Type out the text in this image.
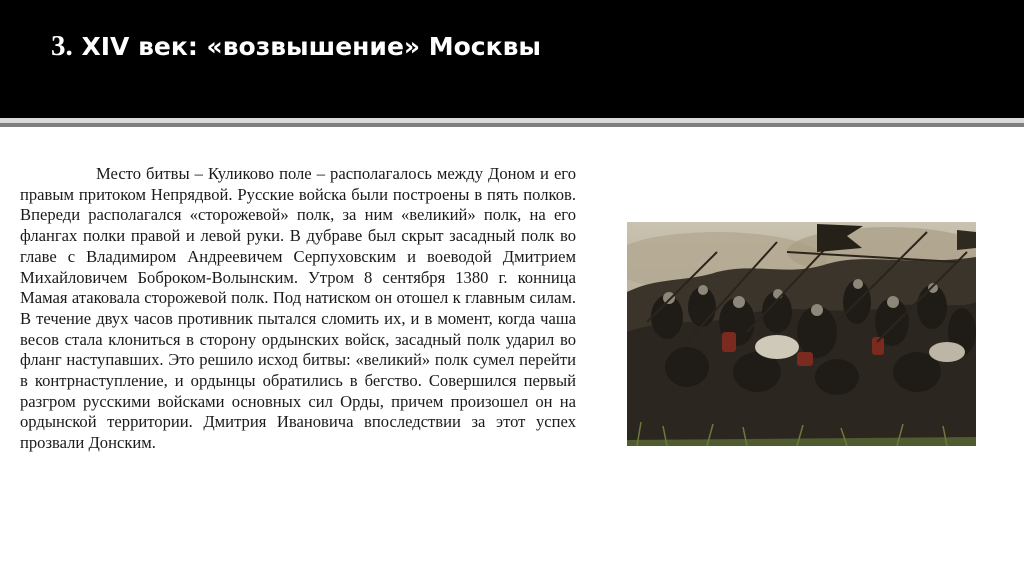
3. XIV век: «возвышение» Москвы

Место битвы – Куликово поле – располагалось между Доном и его правым притоком Непрядвой. Русские войска были построены в пять полков. Впереди располагался «сторожевой» полк, за ним «великий» полк, на его флангах полки правой и левой руки. В дубраве был скрыт засадный полк во главе с Владимиром Андреевичем Серпуховским и воеводой Дмитрием Михайловичем Боброком-Волынским. Утром 8 сентября 1380 г. конница Мамая атаковала сторожевой полк. Под натиском он отошел к главным силам. В течение двух часов противник пытался сломить их, и в момент, когда чаша весов стала клониться в сторону ордынских войск, засадный полк ударил во фланг наступавших. Это решило исход битвы: «великий» полк сумел перейти в контрнаступление, и ордынцы обратились в бегство. Совершился первый разгром русскими войсками основных сил Орды, причем произошел он на ордынской территории. Дмитрия Ивановича впоследствии за этот успех прозвали Донским.
